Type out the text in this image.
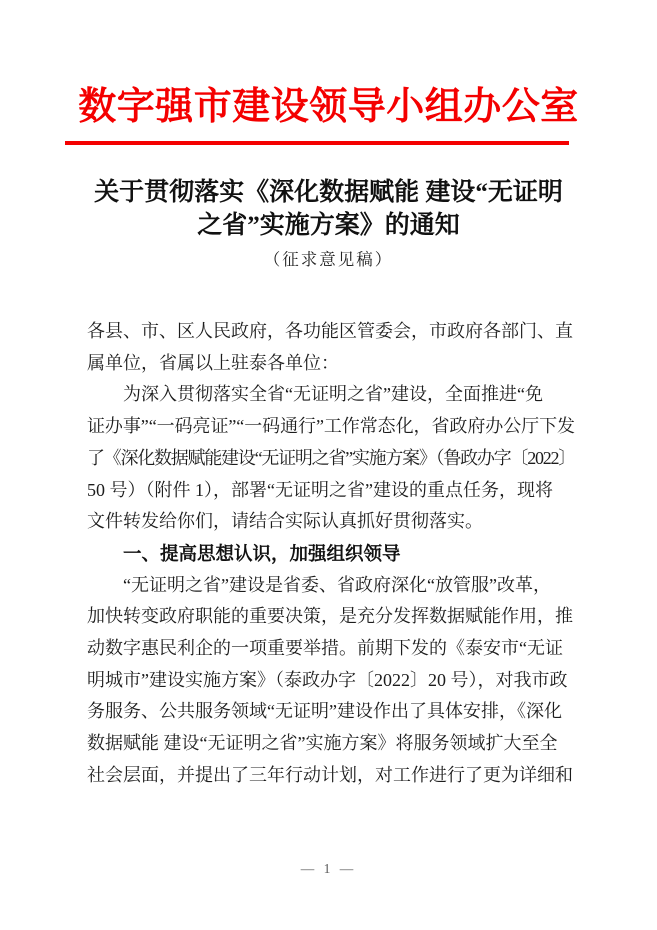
数字强市建设领导小组办公室
关于贯彻落实《深化数据赋能 建设“无证明
之省”实施方案》的通知
（征求意见稿）
各县、市、区人民政府，各功能区管委会，市政府各部门、直
属单位，省属以上驻泰各单位：
为深入贯彻落实全省“无证明之省”建设，全面推进“免
证办事”“一码亮证”“一码通行”工作常态化，省政府办公厅下发
了《深化数据赋能建设“无证明之省”实施方案》（鲁政办字〔2022〕
50 号）（附件 1），部署“无证明之省”建设的重点任务，现将
文件转发给你们，请结合实际认真抓好贯彻落实。
一、提高思想认识，加强组织领导
“无证明之省”建设是省委、省政府深化“放管服”改革，
加快转变政府职能的重要决策，是充分发挥数据赋能作用，推
动数字惠民利企的一项重要举措。前期下发的《泰安市“无证
明城市”建设实施方案》（泰政办字〔2022〕20 号），对我市政
务服务、公共服务领域“无证明”建设作出了具体安排，《深化
数据赋能 建设“无证明之省”实施方案》将服务领域扩大至全
社会层面，并提出了三年行动计划，对工作进行了更为详细和
— 1 —
